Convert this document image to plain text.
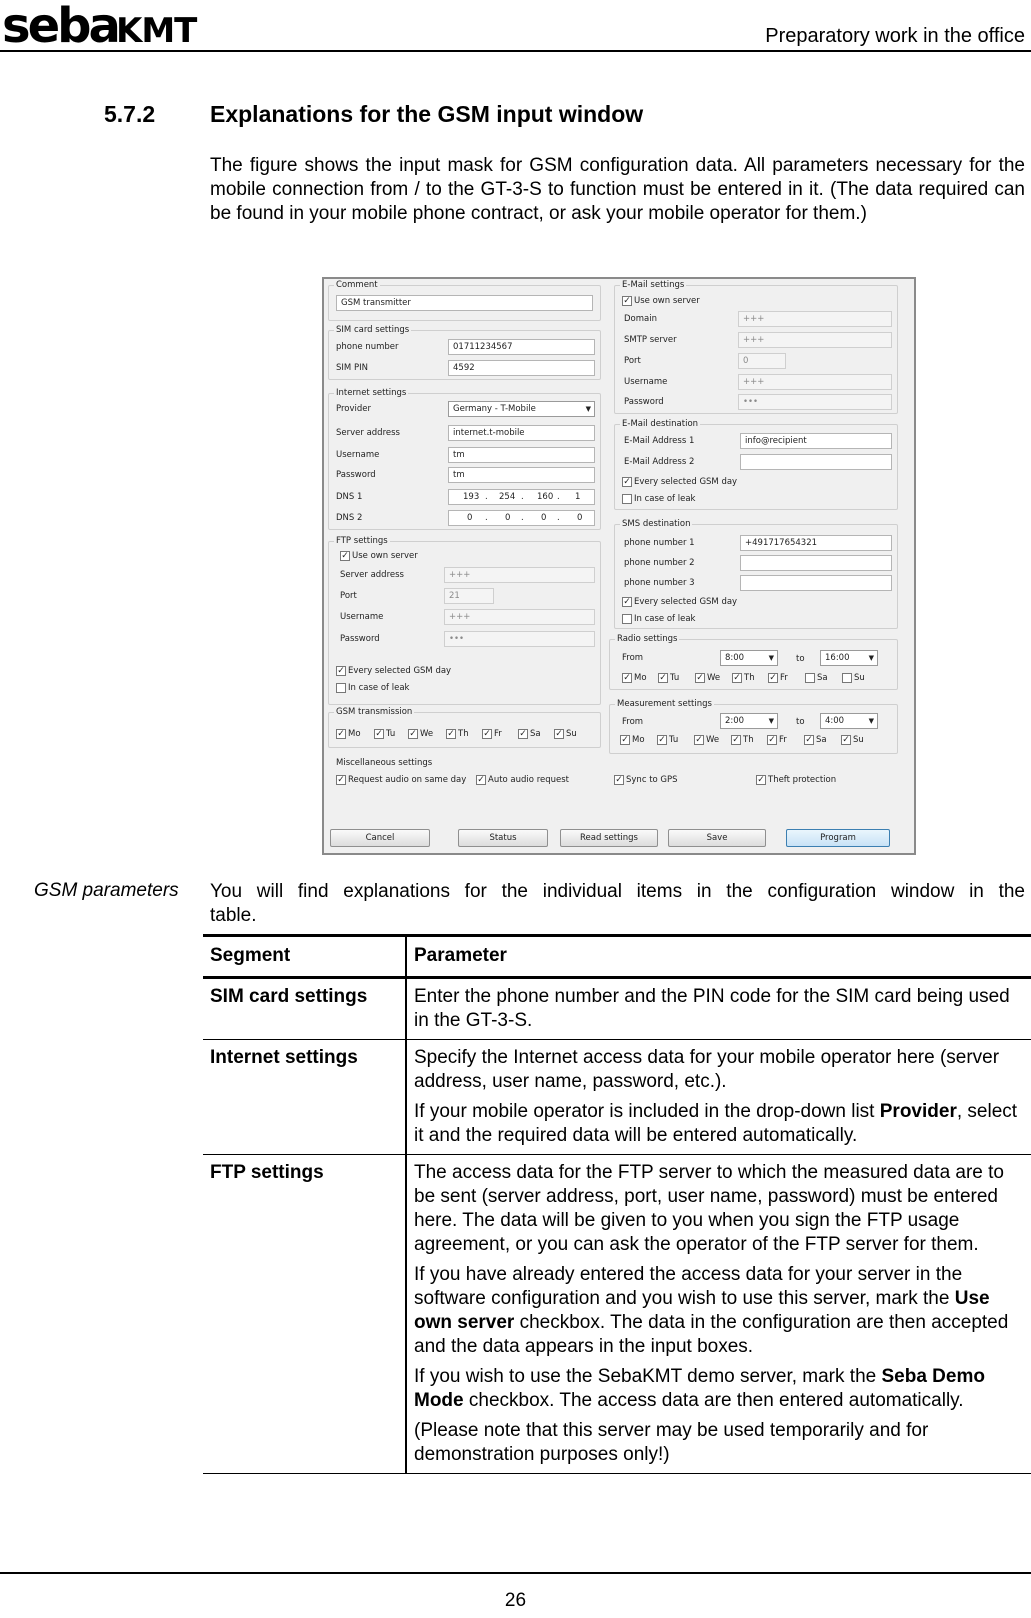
seba
KMT	Preparatory work in the office
5.7.2 Explanations for the GSM input window
The figure shows the input mask for GSM configuration data. All parameters necessary for the mobile connection from / to the GT-3-S to function must be entered in it. (The data required can be found in your mobile phone contract, or ask your mobile operator for them.)
Comment
GSM transmitter
SIM card settings
phone number	01711234567
SIM PIN	4592
Internet settings
Provider	Germany - T-Mobile ▼
Server address	internet.t-mobile
Username	tm
Password	tm
DNS 1	193 . 254 . 160 . 1
DNS 2	0 . 0 . 0 . 0
FTP settings
✓ Use own server
Server address	+++
Port	21
Username	+++
Password	•••
✓ Every selected GSM day
In case of leak
GSM transmission
✓ Mo ✓ Tu ✓ We ✓ Th ✓ Fr ✓ Sa ✓ Su
E-Mail settings
✓ Use own server
Domain	+++
SMTP server	+++
Port	0
Username	+++
Password	•••
E-Mail destination
E-Mail Address 1	info@recipient
E-Mail Address 2
✓ Every selected GSM day
In case of leak
SMS destination
phone number 1	+491717654321
phone number 2
phone number 3
✓ Every selected GSM day
In case of leak
Radio settings
From	8:00 ▼	to	16:00 ▼
✓ Mo ✓ Tu ✓ We ✓ Th ✓ Fr	Sa	Su
Measurement settings
From	2:00 ▼	to	4:00 ▼
✓ Mo ✓ Tu ✓ We ✓ Th ✓ Fr ✓ Sa ✓ Su
Miscellaneous settings
✓ Request audio on same day ✓ Auto audio request	✓ Sync to GPS	✓ Theft protection
Cancel	Status	Read settings	Save	Program
GSM parameters You will find explanations for the individual items in the configuration window in the table.
Segment	Parameter
SIM card settings	Enter the phone number and the PIN code for the SIM card being used in the GT-3-S.

Internet settings	Specify the Internet access data for your mobile operator here (server address, user name, password, etc.).

If your mobile operator is included in the drop-down list Provider, select it and the required data will be entered automatically.

FTP settings	The access data for the FTP server to which the measured data are to be sent (server address, port, user name, password) must be entered here. The data will be given to you when you sign the FTP usage agreement, or you can ask the operator of the FTP server for them.

If you have already entered the access data for your server in the software configuration and you wish to use this server, mark the Use own server checkbox. The data in the configuration are then accepted and the data appears in the input boxes.

If you wish to use the SebaKMT demo server, mark the Seba Demo Mode checkbox. The access data are then entered automatically.

(Please note that this server may be used temporarily and for demonstration purposes only!)

26
